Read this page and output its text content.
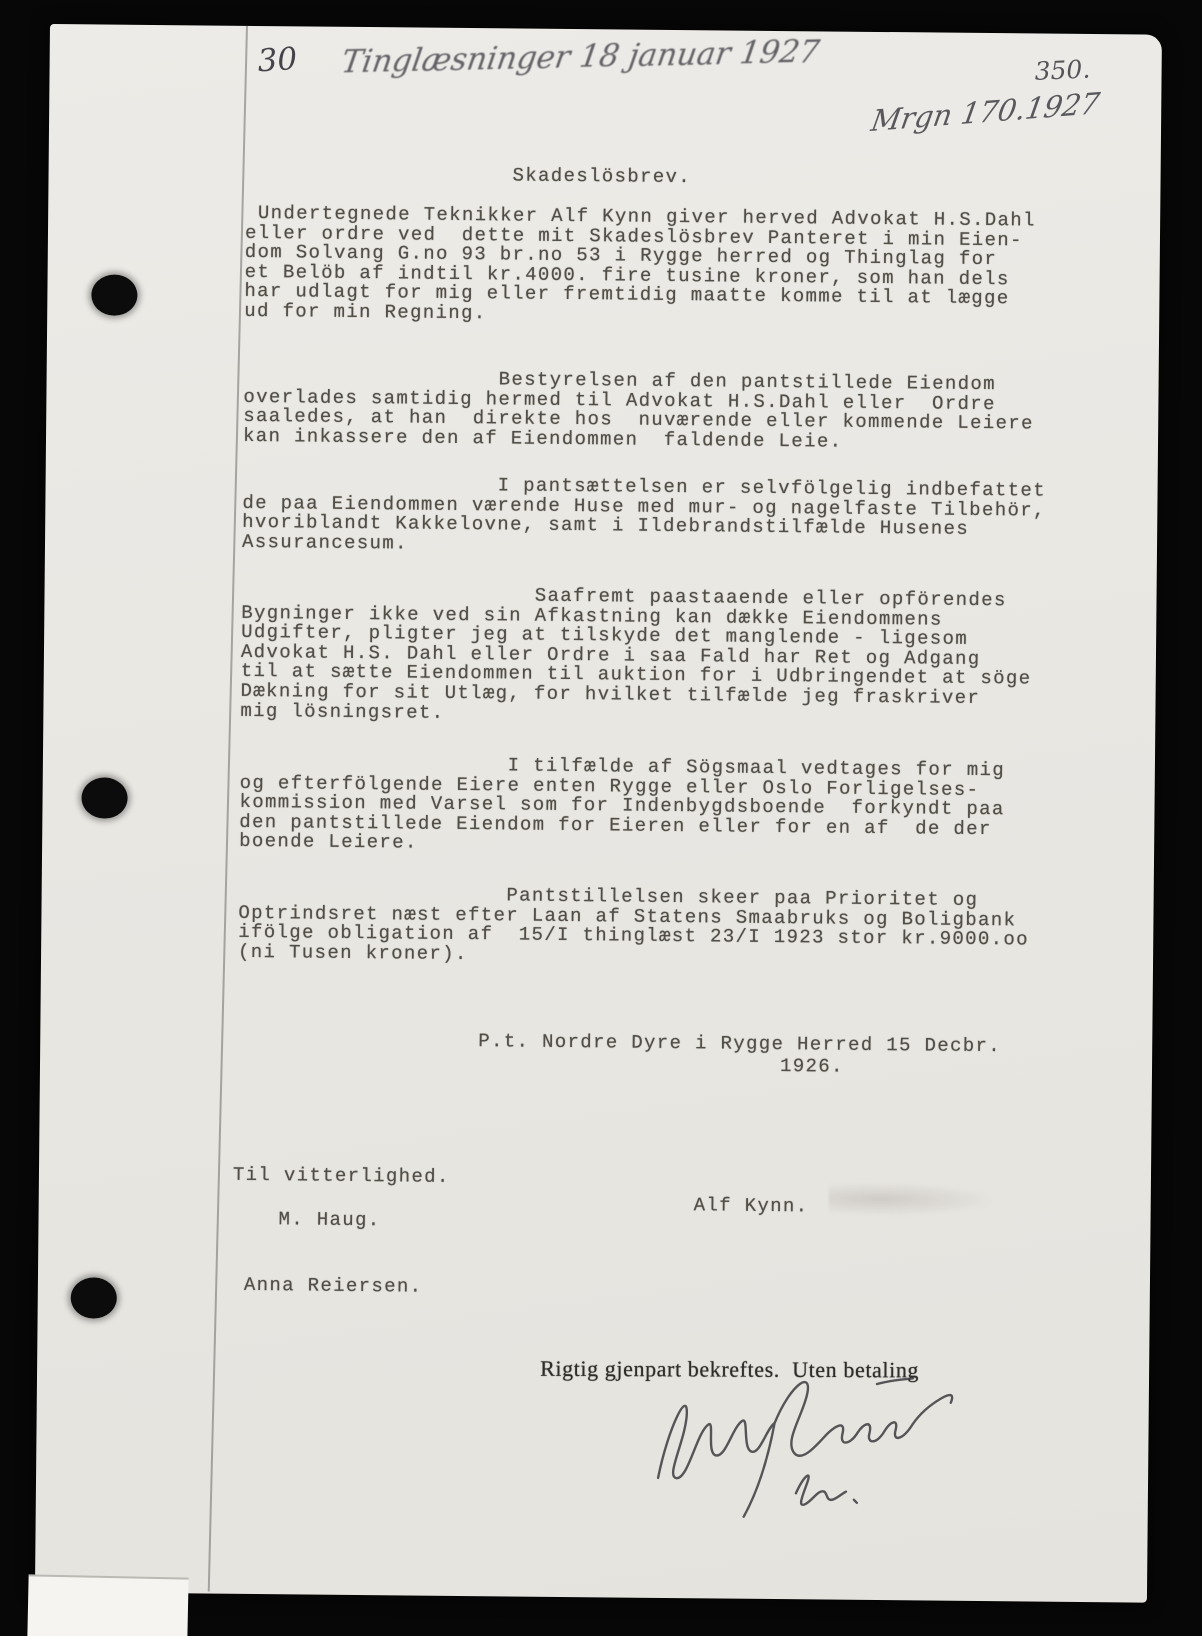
30 Tinglæsninger 18 januar 1927	350.
Mrgn 170.1927
Skadeslösbrev.
Undertegnede Teknikker Alf Kynn giver herved Advokat H.S.Dahl
eller ordre ved  dette mit Skadeslösbrev Panteret i min Eien-
dom Solvang G.no 93 br.no 53 i Rygge herred og Thinglag for
et Belöb af indtil kr.4000. fire tusine kroner, som han dels
har udlagt for mig eller fremtidig maatte komme til at lægge
ud for min Regning.
Bestyrelsen af den pantstillede Eiendom
overlades samtidig hermed til Advokat H.S.Dahl eller  Ordre
saaledes, at han  direkte hos  nuværende eller kommende Leiere
kan inkassere den af Eiendommen  faldende Leie.
I pantsættelsen er selvfölgelig indbefattet
de paa Eiendommen værende Huse med mur- og nagelfaste Tilbehör,
hvoriblandt Kakkelovne, samt i Ildebrandstilfælde Husenes
Assurancesum.
Saafremt paastaaende eller opförendes
Bygninger ikke ved sin Afkastning kan dække Eiendommens
Udgifter, pligter jeg at tilskyde det manglende - ligesom
Advokat H.S. Dahl eller Ordre i saa Fald har Ret og Adgang
til at sætte Eiendommen til auktion for i Udbringendet at söge
Dækning for sit Utlæg, for hvilket tilfælde jeg fraskriver
mig lösningsret.
I tilfælde af Sögsmaal vedtages for mig
og efterfölgende Eiere enten Rygge eller Oslo Forligelses-
kommission med Varsel som for Indenbygdsboende  forkyndt paa
den pantstillede Eiendom for Eieren eller for en af  de der
boende Leiere.
Pantstillelsen skeer paa Prioritet og
Optrindsret næst efter Laan af Statens Smaabruks og Boligbank
ifölge obligation af  15/I thinglæst 23/I 1923 stor kr.9000.oo
(ni Tusen kroner).
P.t. Nordre Dyre i Rygge Herred 15 Decbr.
1926.
Til vitterlighed.
Alf Kynn.
M. Haug.
Anna Reiersen.
Rigtig gjenpart bekreftes.  Uten betaling
